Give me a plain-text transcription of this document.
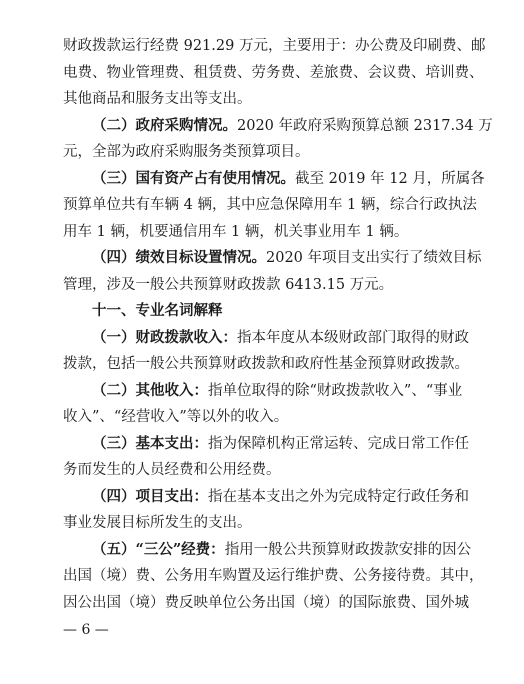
财政拨款运行经费 921.29 万元，主要用于：办公费及印刷费、邮
电费、物业管理费、租赁费、劳务费、差旅费、会议费、培训费、
其他商品和服务支出等支出。
（二）政府采购情况。2020 年政府采购预算总额 2317.34 万
元，全部为政府采购服务类预算项目。
（三）国有资产占有使用情况。截至 2019 年 12 月，所属各
预算单位共有车辆 4 辆，其中应急保障用车 1 辆，综合行政执法
用车 1 辆，机要通信用车 1 辆，机关事业用车 1 辆。
（四）绩效目标设置情况。2020 年项目支出实行了绩效目标
管理，涉及一般公共预算财政拨款 6413.15 万元。
十一、专业名词解释
（一）财政拨款收入：指本年度从本级财政部门取得的财政
拨款，包括一般公共预算财政拨款和政府性基金预算财政拨款。
（二）其他收入：指单位取得的除“财政拨款收入”、“事业
收入”、“经营收入”等以外的收入。
（三）基本支出：指为保障机构正常运转、完成日常工作任
务而发生的人员经费和公用经费。
（四）项目支出：指在基本支出之外为完成特定行政任务和
事业发展目标所发生的支出。
（五）“三公”经费：指用一般公共预算财政拨款安排的因公
出国（境）费、公务用车购置及运行维护费、公务接待费。其中，
因公出国（境）费反映单位公务出国（境）的国际旅费、国外城
— 6 —
